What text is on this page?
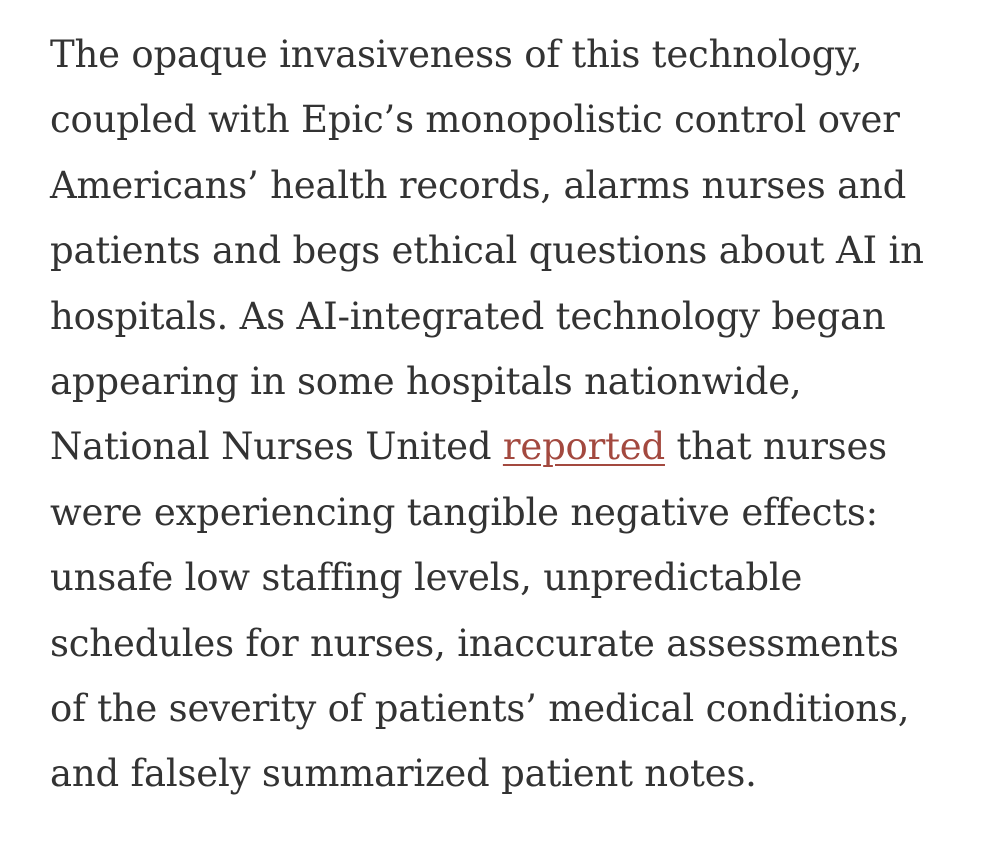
The opaque invasiveness of this technology,
coupled with Epic’s monopolistic control over
Americans’ health records, alarms nurses and
patients and begs ethical questions about AI in
hospitals. As AI-integrated technology began
appearing in some hospitals nationwide,
National Nurses United reported that nurses
were experiencing tangible negative effects:
unsafe low staffing levels, unpredictable
schedules for nurses, inaccurate assessments
of the severity of patients’ medical conditions,
and falsely summarized patient notes.
